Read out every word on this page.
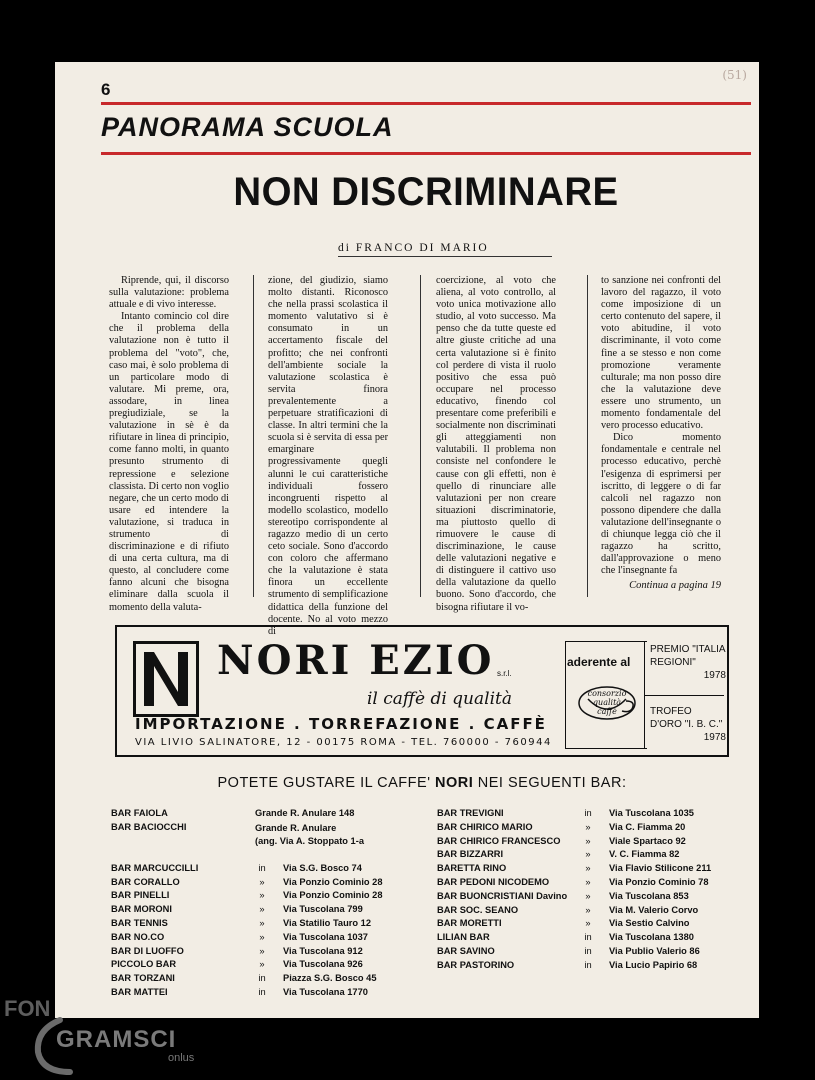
6
(51)
PANORAMA SCUOLA
NON DISCRIMINARE
di FRANCO DI MARIO

Riprende, qui, il discorso sulla valutazione: problema attuale e di vivo interesse.

Intanto comincio col dire che il problema della valutazione non è tutto il problema del "voto", che, caso mai, è solo problema di un particolare modo di valutare. Mi preme, ora, assodare, in linea pregiudiziale, se la valutazione in sè è da rifiutare in linea di principio, come fanno molti, in quanto presunto strumento di repressione e selezione classista. Di certo non voglio negare, che un certo modo di usare ed intendere la valutazione, si traduca in strumento di discriminazione e di rifiuto di una certa cultura, ma di questo, al concludere come fanno alcuni che bisogna eliminare dalla scuola il momento della valuta-

zione, del giudizio, siamo molto distanti. Riconosco che nella prassi scolastica il momento valutativo si è consumato in un accertamento fiscale del profitto; che nei confronti dell'ambiente sociale la valutazione scolastica è servita finora prevalentemente a perpetuare stratificazioni di classe. In altri termini che la scuola si è servita di essa per emarginare progressivamente quegli alunni le cui caratteristiche individuali fossero incongruenti rispetto al modello scolastico, modello stereotipo corrispondente al ragazzo medio di un certo ceto sociale. Sono d'accordo con coloro che affermano che la valutazione è stata finora un eccellente strumento di semplificazione didattica della funzione del docente. No al voto mezzo di

coercizione, al voto che aliena, al voto controllo, al voto unica motivazione allo studio, al voto successo. Ma penso che da tutte queste ed altre giuste critiche ad una certa valutazione si è finito col perdere di vista il ruolo positivo che essa può occupare nel processo educativo, finendo col presentare come preferibili e socialmente non discriminati gli atteggiamenti non valutabili. Il problema non consiste nel confondere le cause con gli effetti, non è quello di rinunciare alle valutazioni per non creare situazioni discriminatorie, ma piuttosto quello di rimuovere le cause di discriminazione, le cause delle valutazioni negative e di distinguere il cattivo uso della valutazione da quello buono. Sono d'accordo, che bisogna rifiutare il vo-

to sanzione nei confronti del lavoro del ragazzo, il voto come imposizione di un certo contenuto del sapere, il voto abitudine, il voto discriminante, il voto come fine a se stesso e non come promozione veramente culturale; ma non posso dire che la valutazione deve essere uno strumento, un momento fondamentale del vero processo educativo.

Dico momento fondamentale e centrale nel processo educativo, perchè l'esigenza di esprimersi per iscritto, di leggere o di far calcoli nel ragazzo non possono dipendere che dalla valutazione dell'insegnante o di chiunque legga ciò che il ragazzo ha scritto, dall'approvazione o meno che l'insegnante fa

Continua a pagina 19
NORI EZIO s.r.l.
il caffè di qualità
IMPORTAZIONE . TORREFAZIONE . CAFFÈ
VIA LIVIO SALINATORE, 12 - 00175 ROMA - TEL. 760000 - 760944
aderente al
consorzio qualità caffè
PREMIO "ITALIA REGIONI"
1978
TROFEO D'ORO "I. B. C."
1978
POTETE GUSTARE IL CAFFE' NORI NEI SEGUENTI BAR:
BAR FAIOLA	Grande R. Anulare 148
BAR BACIOCCHI	Grande R. Anulare
(ang. Via A. Stoppato 1-a
BAR MARCUCCILLI	in	Via S.G. Bosco 74
BAR CORALLO	»	Via Ponzio Cominio 28
BAR PINELLI	»	Via Ponzio Cominio 28
BAR MORONI	»	Via Tuscolana 799
BAR TENNIS	»	Via Statilio Tauro 12
BAR NO.CO	»	Via Tuscolana 1037
BAR DI LUOFFO	»	Via Tuscolana 912
PICCOLO BAR	»	Via Tuscolana 926
BAR TORZANI	in	Piazza S.G. Bosco 45
BAR MATTEI	in	Via Tuscolana 1770
BAR TREVIGNI	in	Via Tuscolana 1035
BAR CHIRICO MARIO	»	Via C. Fiamma 20
BAR CHIRICO FRANCESCO	»	Viale Spartaco 92
BAR BIZZARRI	»	V. C. Fiamma 82
BARETTA RINO	»	Via Flavio Stilicone 211
BAR PEDONI NICODEMO	»	Via Ponzio Cominio 78
BAR BUONCRISTIANI Davino	»	Via Tuscolana 853
BAR SOC. SEANO	»	Via M. Valerio Corvo
BAR MORETTI	»	Via Sestio Calvino
LILIAN BAR	in	Via Tuscolana 1380
BAR SAVINO	in	Via Publio Valerio 86
BAR PASTORINO	in	Via Lucio Papirio 68
FON
GRAMSCI
onlus
